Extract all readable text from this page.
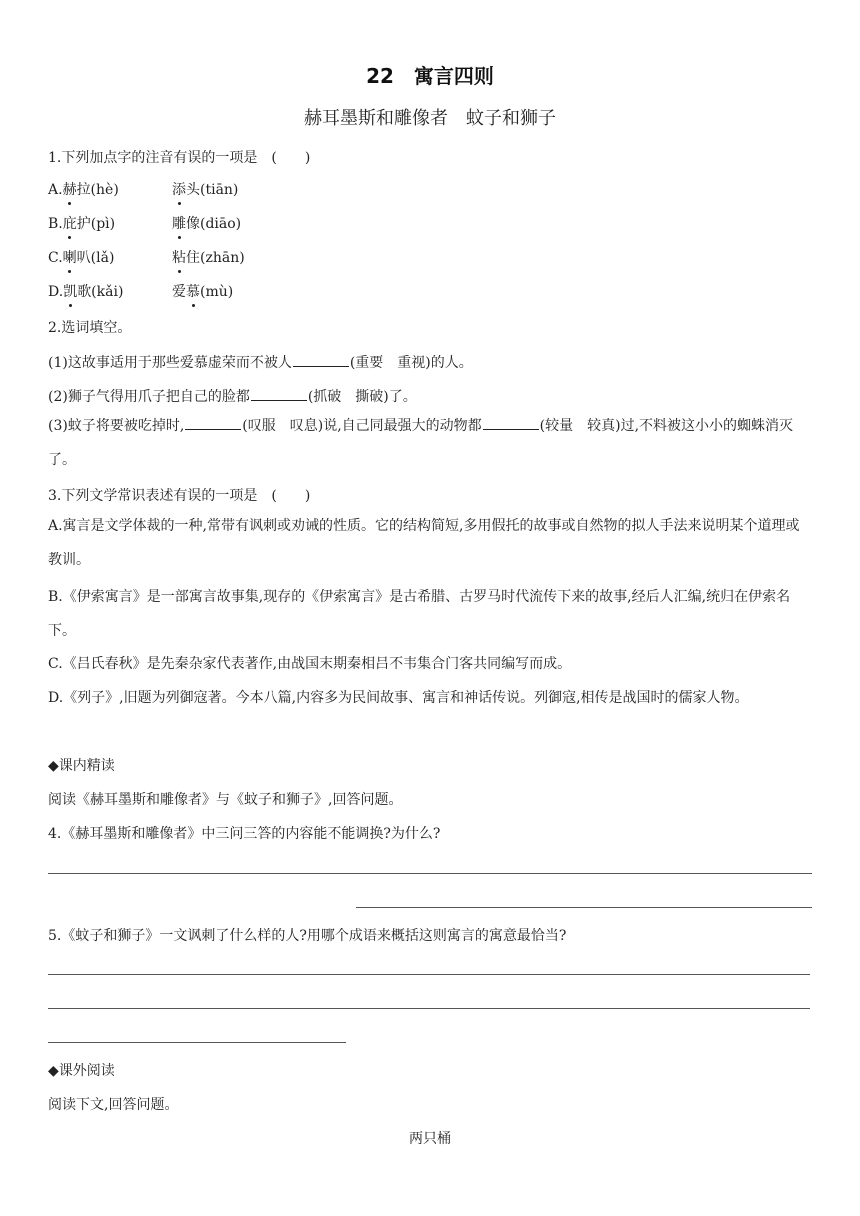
22　寓言四则
赫耳墨斯和雕像者　蚊子和狮子
1.下列加点字的注音有误的一项是　(　　)
A.赫拉(hè)	添头(tiān)
B.庇护(pì)	雕像(diāo)
C.喇叭(lǎ)	粘住(zhān)
D.凯歌(kǎi)	爱慕(mù)
2.选词填空。
(1)这故事适用于那些爱慕虚荣而不被人	(重要　重视)的人。
(2)狮子气得用爪子把自己的脸都	(抓破　撕破)了。
(3)蚊子将要被吃掉时,	(叹服　叹息)说,自己同最强大的动物都	(较量　较真)过,不料被这小小的蜘蛛消灭了。
3.下列文学常识表述有误的一项是　(　　)
A.寓言是文学体裁的一种,常带有讽刺或劝诫的性质。它的结构简短,多用假托的故事或自然物的拟人手法来说明某个道理或教训。
B.《伊索寓言》是一部寓言故事集,现存的《伊索寓言》是古希腊、古罗马时代流传下来的故事,经后人汇编,统归在伊索名下。
C.《吕氏春秋》是先秦杂家代表著作,由战国末期秦相吕不韦集合门客共同编写而成。
D.《列子》,旧题为列御寇著。今本八篇,内容多为民间故事、寓言和神话传说。列御寇,相传是战国时的儒家人物。
◆课内精读
阅读《赫耳墨斯和雕像者》与《蚊子和狮子》,回答问题。
4.《赫耳墨斯和雕像者》中三问三答的内容能不能调换?为什么?
5.《蚊子和狮子》一文讽刺了什么样的人?用哪个成语来概括这则寓言的寓意最恰当?
◆课外阅读
阅读下文,回答问题。
两只桶
